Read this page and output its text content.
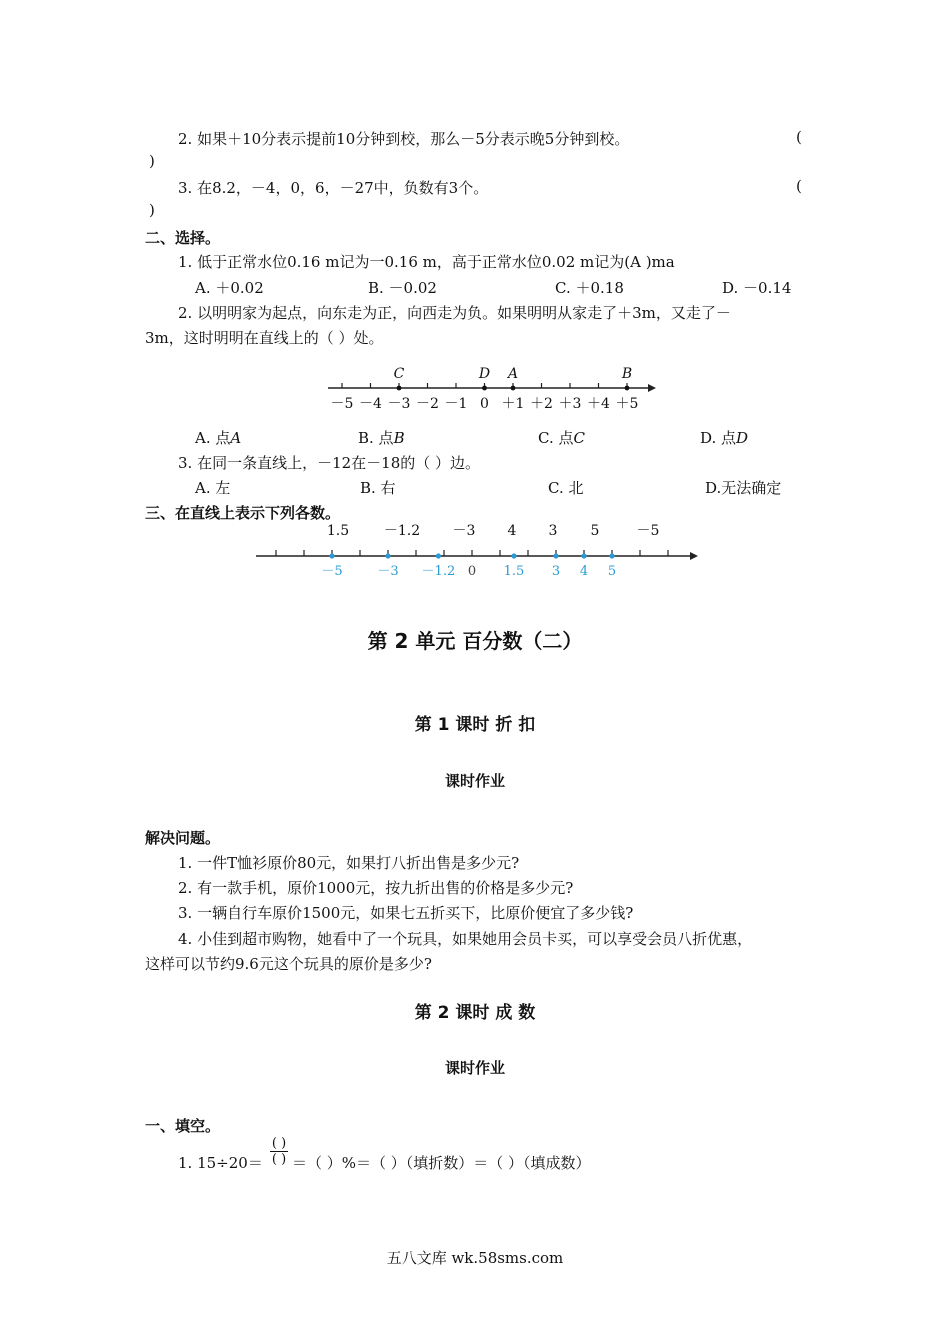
2. 如果＋10分表示提前10分钟到校，那么－5分表示晚5分钟到校。	(
)
3. 在8.2，－4，0，6，－27中，负数有3个。	(
)
二、选择。
1. 低于正常水位0.16 m记为一0.16 m，高于正常水位0.02 m记为(A )ma
A. ＋0.02	B. －0.02	C. ＋0.18	D. －0.14
2. 以明明家为起点，向东走为正，向西走为负。如果明明从家走了＋3m，又走了－
3m，这时明明在直线上的（ ）处。
－5 －4 －3 －2 －1 0 ＋1 ＋2 ＋3 ＋4 ＋5
C	D A	B
A. 点A	B. 点B	C. 点C	D. 点D
3. 在同一条直线上，－12在－18的（ ）边。
A. 左	B. 右	C. 北	D.无法确定
三、在直线上表示下列各数。
1.5 －1.2 －3 4 3 5	－5
－5	－3 －1.2 0 1.5 3 4 5
第 2 单元 百分数（二）
第 1 课时 折 扣
课时作业
解决问题。
1. 一件T恤衫原价80元，如果打八折出售是多少元?
2. 有一款手机，原价1000元，按九折出售的价格是多少元?
3. 一辆自行车原价1500元，如果七五折买下，比原价便宜了多少钱?
4. 小佳到超市购物，她看中了一个玩具，如果她用会员卡买，可以享受会员八折优惠，
这样可以节约9.6元这个玩具的原价是多少?
第 2 课时 成 数
课时作业
一、填空。
1. 15÷20＝
( )
( ) ＝（ ）%＝（ ）（填折数）＝（ ）（填成数）
五八文库 wk.58sms.com
